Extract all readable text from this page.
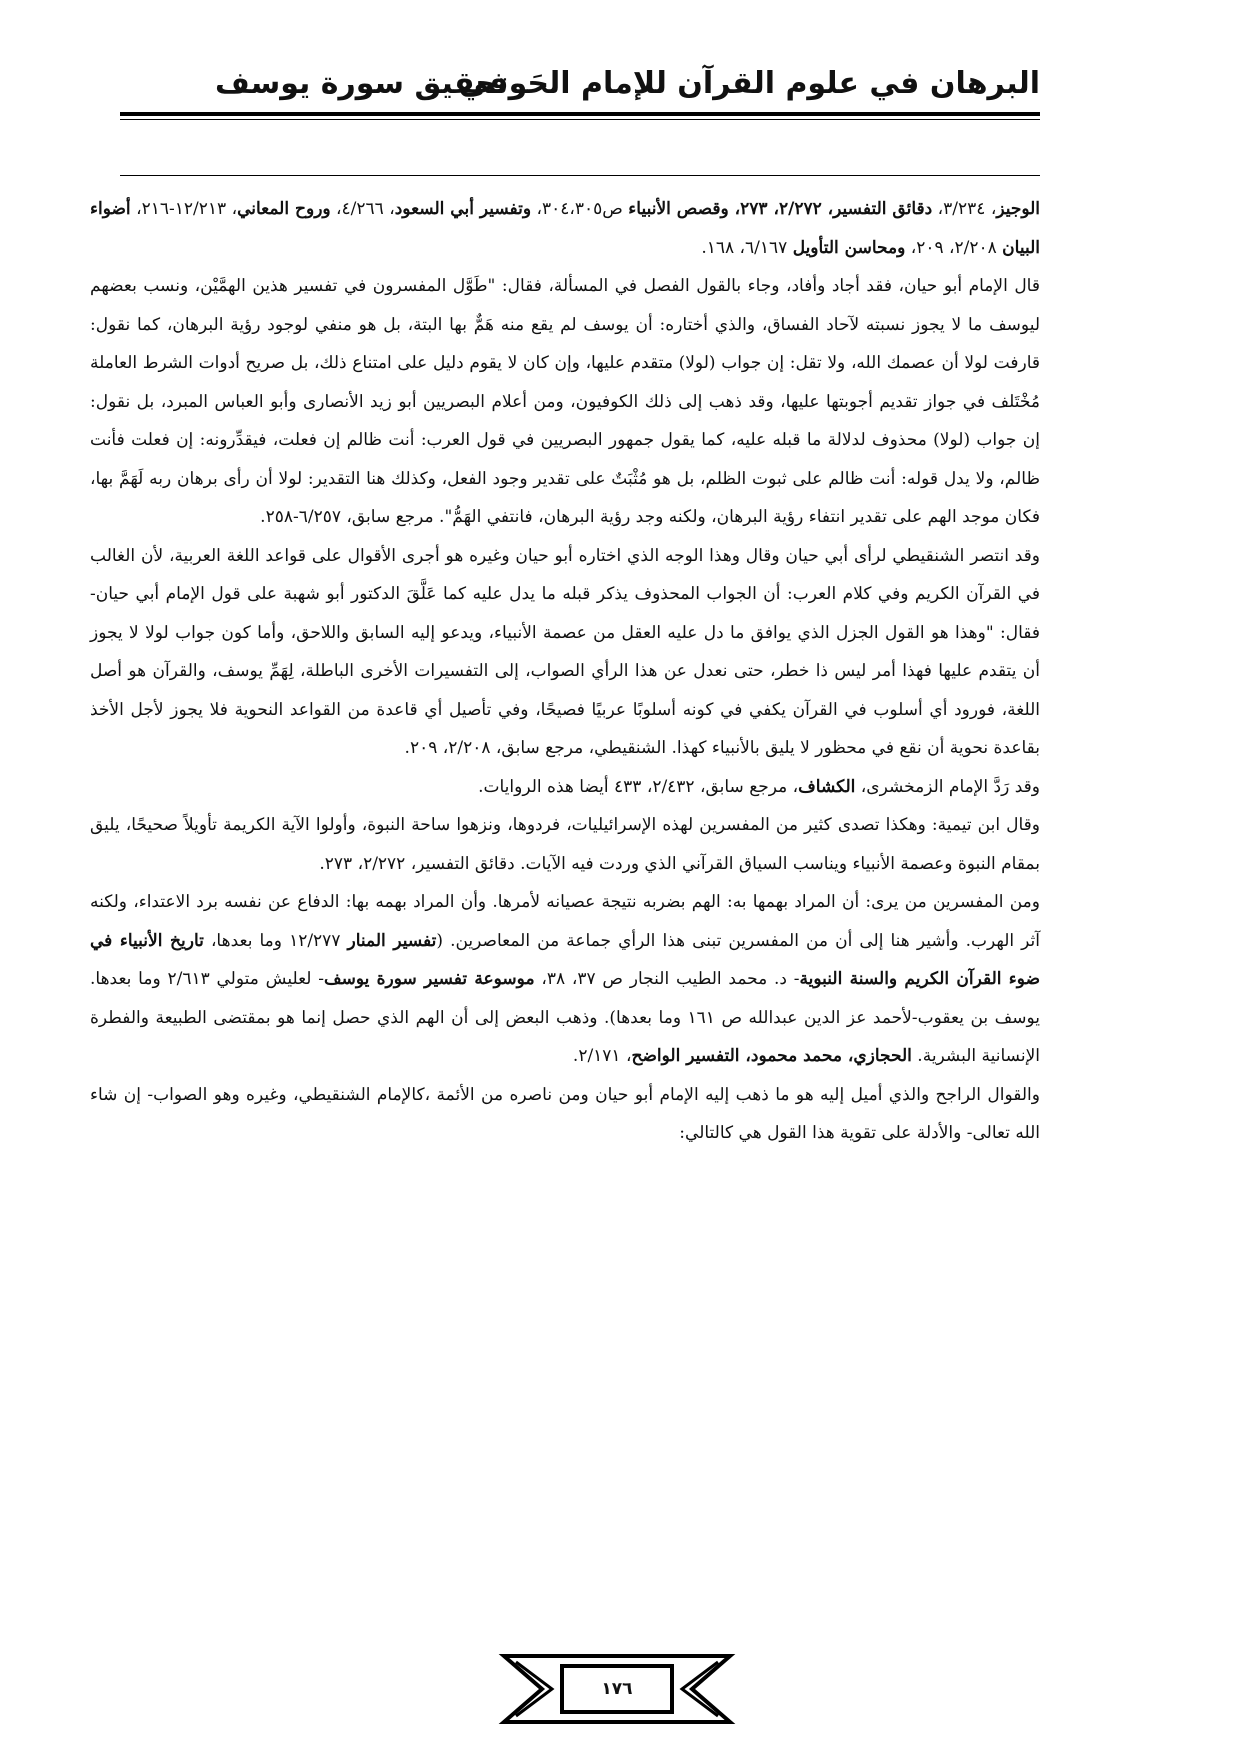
البرهان في علوم القرآن للإمام الحَوفي
تحقيق سورة يوسف

الوجيز، ٣/٢٣٤، دقائق التفسير، ٢/٢٧٢، ٢٧٣، وقصص الأنبياء ص٣٠٤،٣٠٥، وتفسير أبي السعود، ٤/٢٦٦، وروح المعاني، ١٢/٢١٣-٢١٦، أضواء البيان ٢/٢٠٨، ٢٠٩، ومحاسن التأويل ٦/١٦٧، ١٦٨.

قال الإمام أبو حيان، فقد أجاد وأفاد، وجاء بالقول الفصل في المسألة، فقال: "طَوَّل المفسرون في تفسير هذين الهمَّيْن، ونسب بعضهم ليوسف ما لا يجوز نسبته لآحاد الفساق، والذي أختاره: أن يوسف لم يقع منه هَمٌّ بها البتة، بل هو منفي لوجود رؤية البرهان، كما نقول: قارفت لولا أن عصمك الله، ولا تقل: إن جواب (لولا) متقدم عليها، وإن كان لا يقوم دليل على امتناع ذلك، بل صريح أدوات الشرط العاملة مُخْتَلف في جواز تقديم أجوبتها عليها، وقد ذهب إلى ذلك الكوفيون، ومن أعلام البصريين أبو زيد الأنصارى وأبو العباس المبرد، بل نقول: إن جواب (لولا) محذوف لدلالة ما قبله عليه، كما يقول جمهور البصريين في قول العرب: أنت ظالم إن فعلت، فيقدِّرونه: إن فعلت فأنت ظالم، ولا يدل قوله: أنت ظالم على ثبوت الظلم، بل هو مُثْبَتٌ على تقدير وجود الفعل، وكذلك هنا التقدير: لولا أن رأى برهان ربه لَهَمَّ بها، فكان موجد الهم على تقدير انتفاء رؤية البرهان، ولكنه وجد رؤية البرهان، فانتفي الهَمُّ". مرجع سابق، ٦/٢٥٧-٢٥٨.

وقد انتصر الشنقيطي لرأى أبي حيان وقال وهذا الوجه الذي اختاره أبو حيان وغيره هو أجرى الأقوال على قواعد اللغة العربية، لأن الغالب في القرآن الكريم وفي كلام العرب: أن الجواب المحذوف يذكر قبله ما يدل عليه كما عَلَّقَ الدكتور أبو شهبة على قول الإمام أبي حيان-فقال: "وهذا هو القول الجزل الذي يوافق ما دل عليه العقل من عصمة الأنبياء، ويدعو إليه السابق واللاحق، وأما كون جواب لولا لا يجوز أن يتقدم عليها فهذا أمر ليس ذا خطر، حتى نعدل عن هذا الرأي الصواب، إلى التفسيرات الأخرى الباطلة، لِهَمِّ يوسف، والقرآن هو أصل اللغة، فورود أي أسلوب في القرآن يكفي في كونه أسلوبًا عربيًا فصيحًا، وفي تأصيل أي قاعدة من القواعد النحوية فلا يجوز لأجل الأخذ بقاعدة نحوية أن نقع في محظور لا يليق بالأنبياء كهذا. الشنقيطي، مرجع سابق، ٢/٢٠٨، ٢٠٩.

وقد رَدَّ الإمام الزمخشرى، الكشاف، مرجع سابق، ٢/٤٣٢، ٤٣٣ أيضا هذه الروايات.

وقال ابن تيمية: وهكذا تصدى كثير من المفسرين لهذه الإسرائيليات، فردوها، ونزهوا ساحة النبوة، وأولوا الآية الكريمة تأويلاً صحيحًا، يليق بمقام النبوة وعصمة الأنبياء ويناسب السياق القرآني الذي وردت فيه الآيات. دقائق التفسير، ٢/٢٧٢، ٢٧٣.

ومن المفسرين من يرى: أن المراد بهمها به: الهم بضربه نتيجة عصيانه لأمرها. وأن المراد بهمه بها: الدفاع عن نفسه برد الاعتداء، ولكنه آثر الهرب. وأشير هنا إلى أن من المفسرين تبنى هذا الرأي جماعة من المعاصرين. (تفسير المنار ١٢/٢٧٧ وما بعدها، تاريخ الأنبياء في ضوء القرآن الكريم والسنة النبوية- د. محمد الطيب النجار ص ٣٧، ٣٨، موسوعة تفسير سورة يوسف- لعليش متولي ٢/٦١٣ وما بعدها. يوسف بن يعقوب-لأحمد عز الدين عبدالله ص ١٦١ وما بعدها). وذهب البعض إلى أن الهم الذي حصل إنما هو بمقتضى الطبيعة والفطرة الإنسانية البشرية. الحجازي، محمد محمود، التفسير الواضح، ٢/١٧١.

والقوال الراجح والذي أميل إليه هو ما ذهب إليه الإمام أبو حيان ومن ناصره من الأئمة ،كالإمام الشنقيطي، وغيره وهو الصواب- إن شاء الله تعالى- والأدلة على تقوية هذا القول هي كالتالي:

١٧٦
